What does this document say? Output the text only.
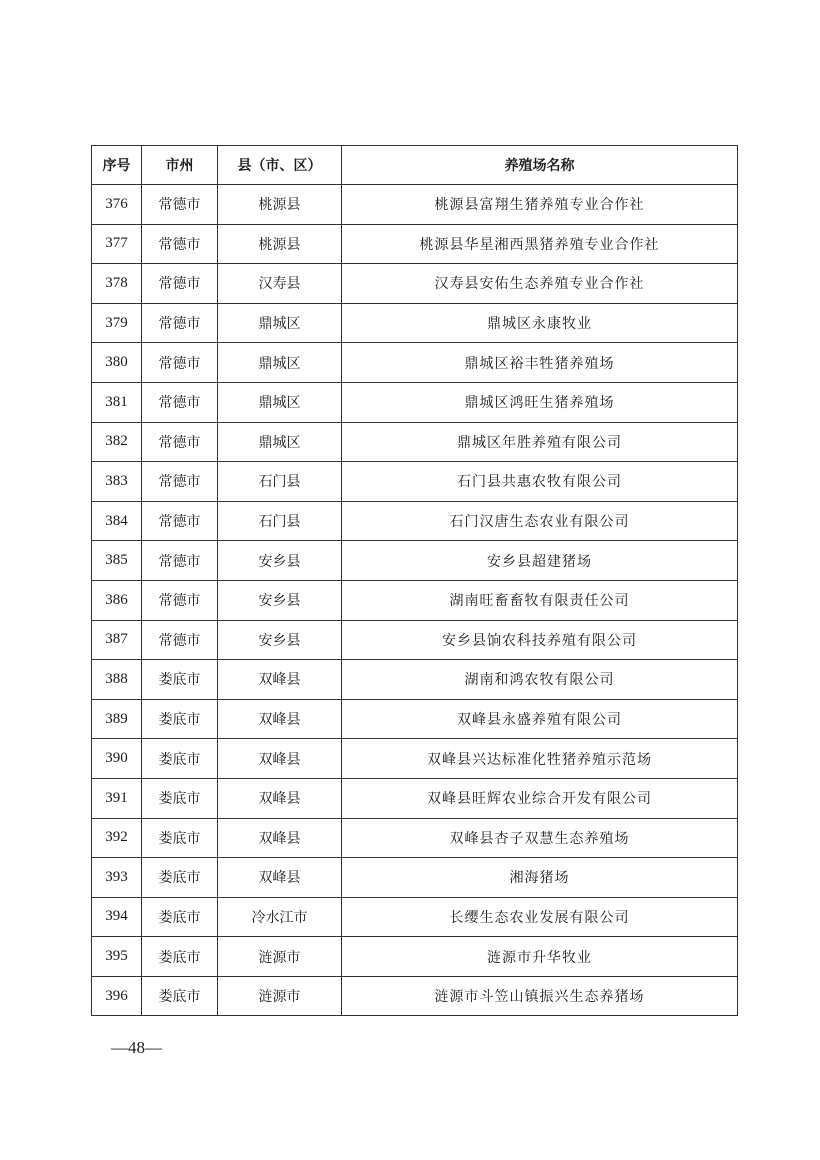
序号	市州	县（市、区）	养殖场名称
376	常德市	桃源县	桃源县富翔生猪养殖专业合作社
377	常德市	桃源县	桃源县华星湘西黑猪养殖专业合作社
378	常德市	汉寿县	汉寿县安佑生态养殖专业合作社
379	常德市	鼎城区	鼎城区永康牧业
380	常德市	鼎城区	鼎城区裕丰牲猪养殖场
381	常德市	鼎城区	鼎城区鸿旺生猪养殖场
382	常德市	鼎城区	鼎城区年胜养殖有限公司
383	常德市	石门县	石门县共惠农牧有限公司
384	常德市	石门县	石门汉唐生态农业有限公司
385	常德市	安乡县	安乡县超建猪场
386	常德市	安乡县	湖南旺畜畜牧有限责任公司
387	常德市	安乡县	安乡县饷农科技养殖有限公司
388	娄底市	双峰县	湖南和鸿农牧有限公司
389	娄底市	双峰县	双峰县永盛养殖有限公司
390	娄底市	双峰县	双峰县兴达标准化牲猪养殖示范场
391	娄底市	双峰县	双峰县旺辉农业综合开发有限公司
392	娄底市	双峰县	双峰县杏子双慧生态养殖场
393	娄底市	双峰县	湘海猪场
394	娄底市	冷水江市	长缨生态农业发展有限公司
395	娄底市	涟源市	涟源市升华牧业
396	娄底市	涟源市	涟源市斗笠山镇振兴生态养猪场
—48—
